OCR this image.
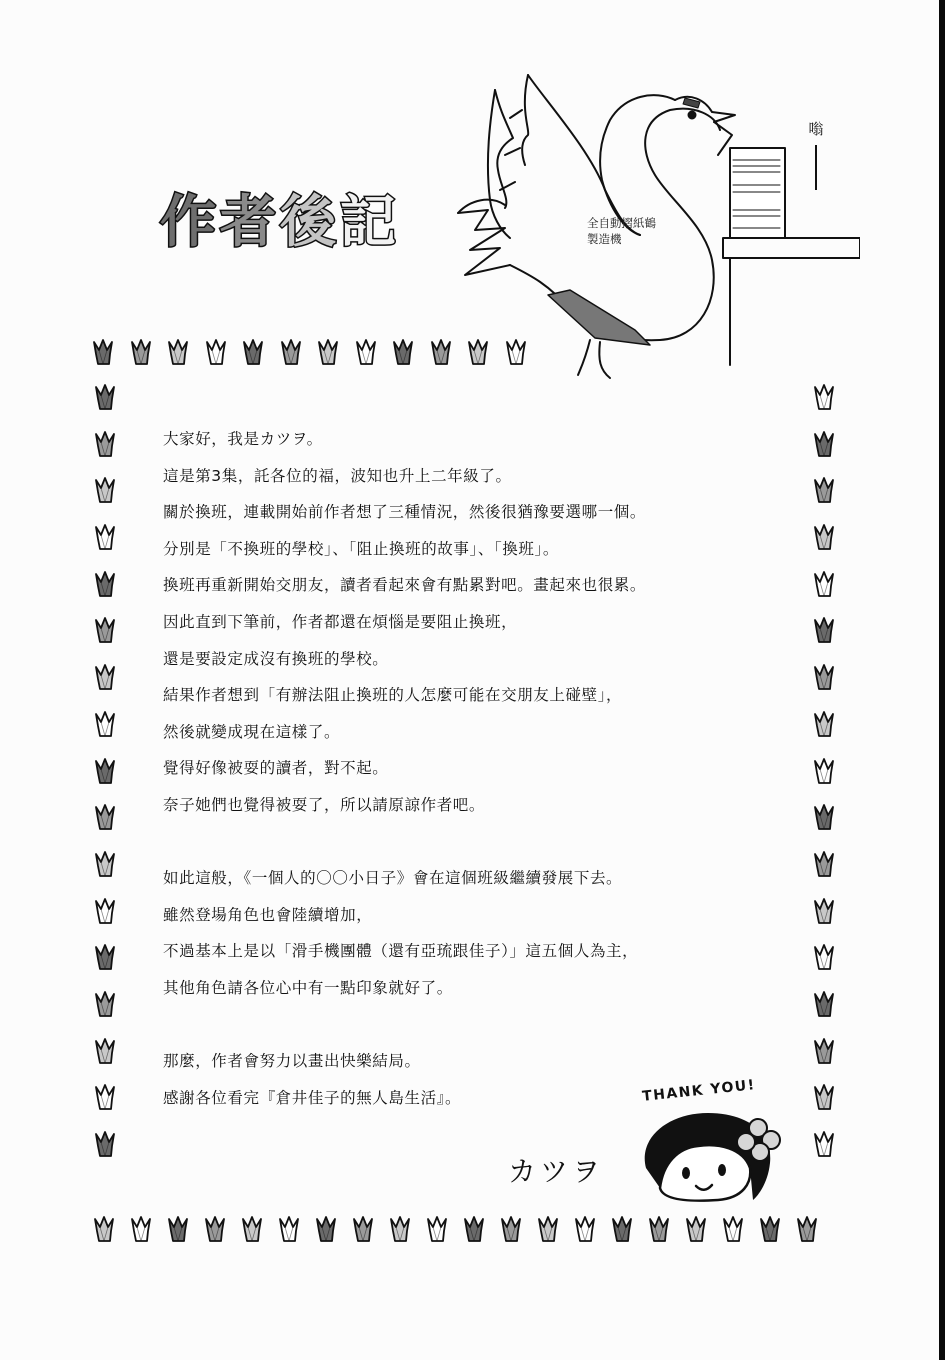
作 者 後 記	全自動摺紙鶴
製造機
嗡
大家好，我是カツヲ。
這是第3集，託各位的福，波知也升上二年級了。
關於換班，連載開始前作者想了三種情況，然後很猶豫要選哪一個。
分別是「不換班的學校」、「阻止換班的故事」、「換班」。
換班再重新開始交朋友，讀者看起來會有點累對吧。畫起來也很累。
因此直到下筆前，作者都還在煩惱是要阻止換班，
還是要設定成沒有換班的學校。
結果作者想到「有辦法阻止換班的人怎麼可能在交朋友上碰壁」，
然後就變成現在這樣了。
覺得好像被耍的讀者，對不起。
奈子她們也覺得被耍了，所以請原諒作者吧。
如此這般，《一個人的〇〇小日子》會在這個班級繼續發展下去。
雖然登場角色也會陸續增加，
不過基本上是以「滑手機團體（還有亞琉跟佳子）」這五個人為主，
其他角色請各位心中有一點印象就好了。
那麼，作者會努力以畫出快樂結局。
感謝各位看完『倉井佳子的無人島生活』。	THANK YOU!
カツヲ
